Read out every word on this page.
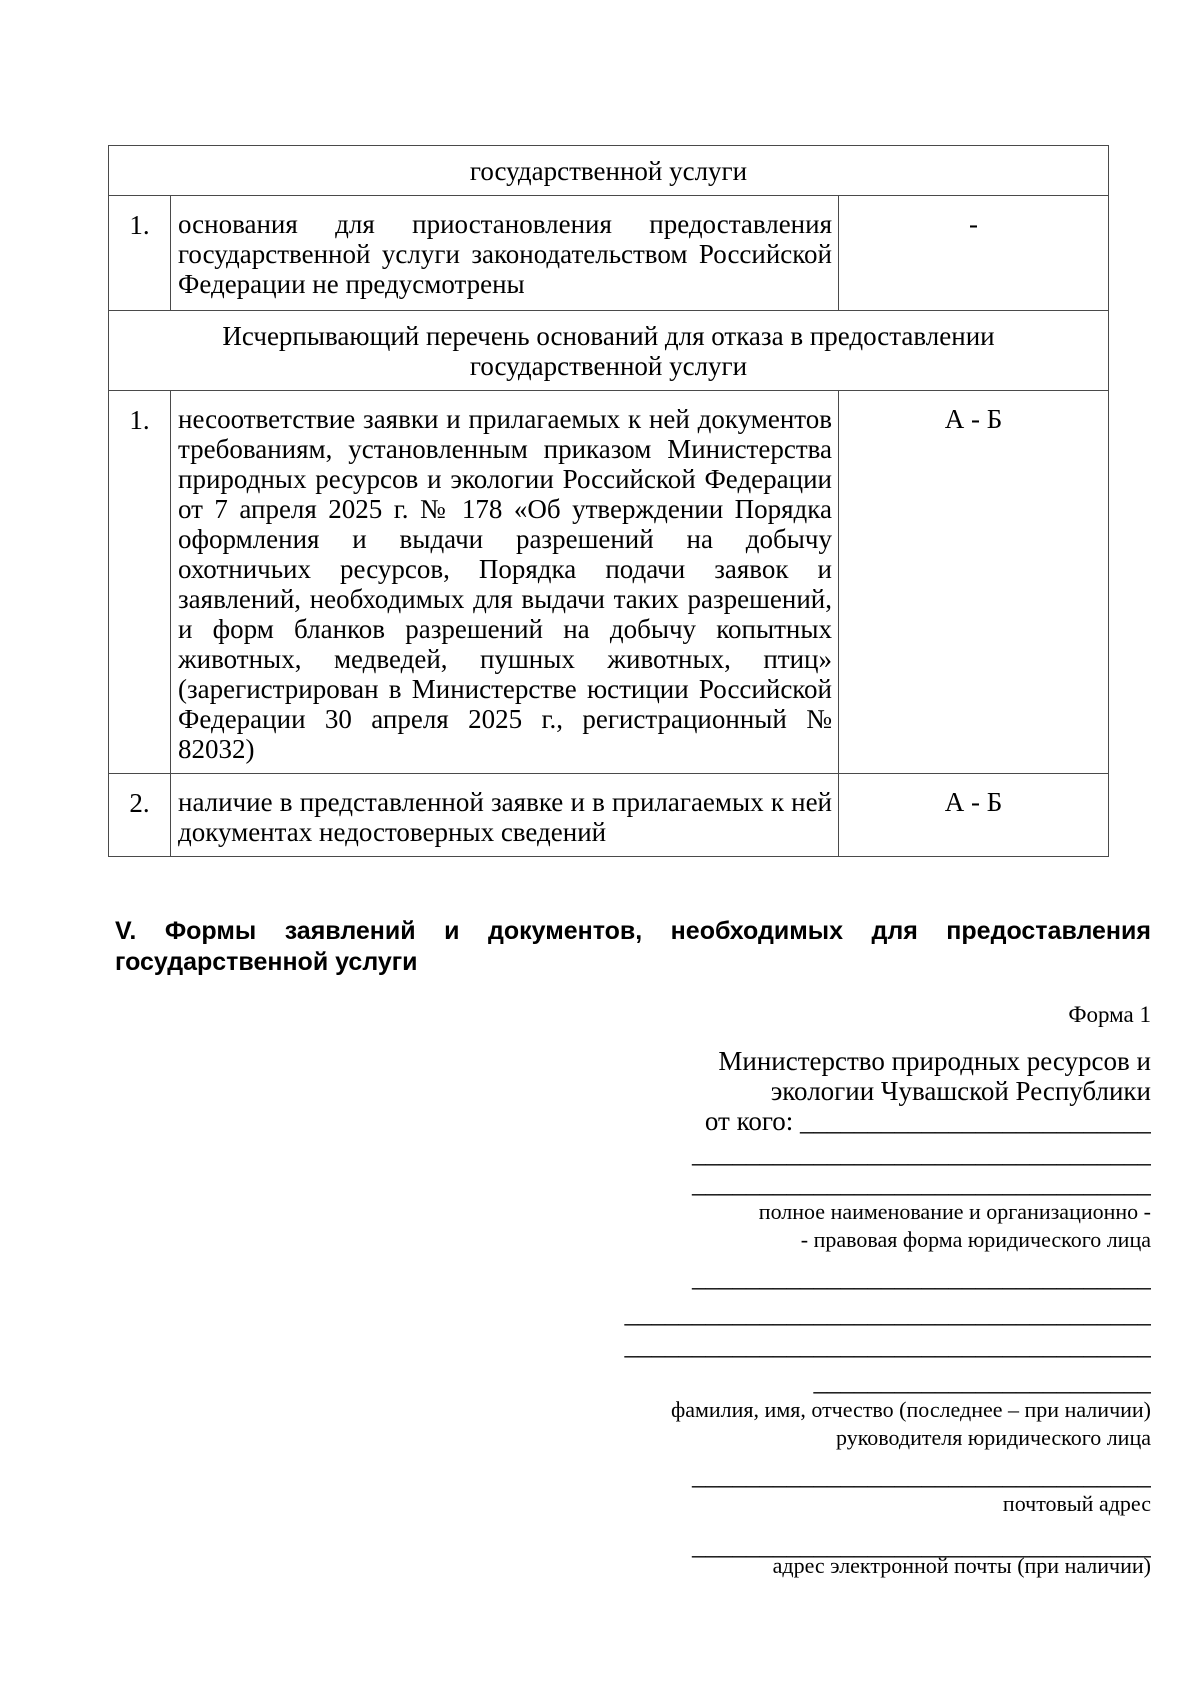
государственной услуги		
1.	основания для приостановления предоставления государственной услуги законодательством Российской Федерации не предусмотрены	-
Исчерпывающий перечень оснований для отказа в предоставлении государственной услуги		
1.	несоответствие заявки и прилагаемых к ней документов требованиям, установленным приказом Министерства природных ресурсов и экологии Российской Федерации от 7 апреля 2025 г. № 178 «Об утверждении Порядка оформления и выдачи разрешений на добычу охотничьих ресурсов, Порядка подачи заявок и заявлений, необходимых для выдачи таких разрешений, и форм бланков разрешений на добычу копытных животных, медведей, пушных животных, птиц» (зарегистрирован в Министерстве юстиции Российской Федерации 30 апреля 2025 г., регистрационный № 82032)	А - Б
2.	наличие в представленной заявке и в прилагаемых к ней документах недостоверных сведений	А - Б
V. Формы заявлений и документов, необходимых для предоставления государственной услуги

Форма 1

Министерство природных ресурсов и

экологии Чувашской Республики

от кого: __________________________

__________________________________

__________________________________

полное наименование и организационно -

- правовая форма юридического лица

__________________________________

_______________________________________

_______________________________________

_________________________

фамилия, имя, отчество (последнее – при наличии)

руководителя юридического лица

__________________________________

почтовый адрес

__________________________________

адрес электронной почты (при наличии)
